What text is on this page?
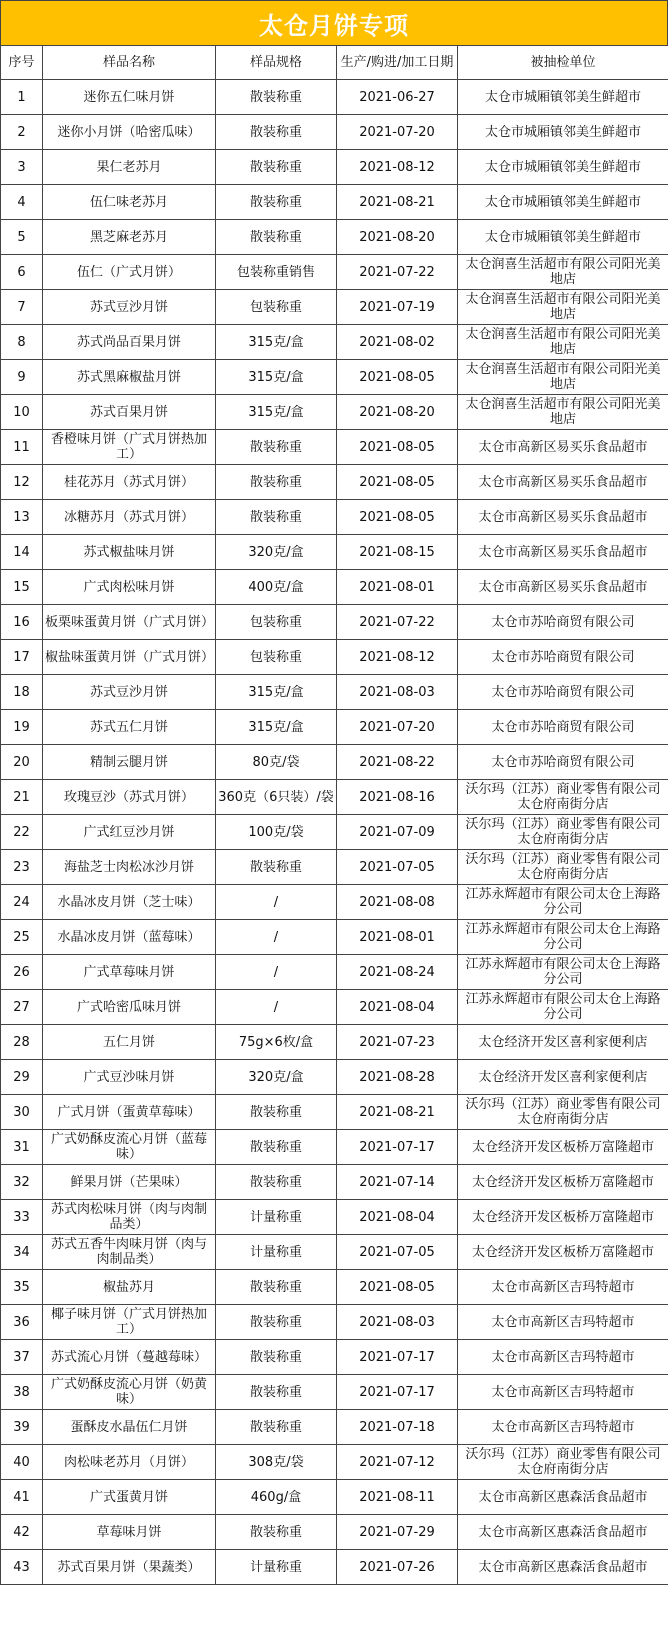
太仓月饼专项
序号	样品名称	样品规格	生产/购进/加工日期	被抽检单位
1	迷你五仁味月饼	散装称重	2021-06-27	太仓市城厢镇邻美生鲜超市
2	迷你小月饼（哈密瓜味）	散装称重	2021-07-20	太仓市城厢镇邻美生鲜超市
3	果仁老苏月	散装称重	2021-08-12	太仓市城厢镇邻美生鲜超市
4	伍仁味老苏月	散装称重	2021-08-21	太仓市城厢镇邻美生鲜超市
5	黑芝麻老苏月	散装称重	2021-08-20	太仓市城厢镇邻美生鲜超市
6	伍仁（广式月饼）	包装称重销售	2021-07-22	太仓润喜生活超市有限公司阳光美地店
7	苏式豆沙月饼	包装称重	2021-07-19	太仓润喜生活超市有限公司阳光美地店
8	苏式尚品百果月饼	315克/盒	2021-08-02	太仓润喜生活超市有限公司阳光美地店
9	苏式黑麻椒盐月饼	315克/盒	2021-08-05	太仓润喜生活超市有限公司阳光美地店
10	苏式百果月饼	315克/盒	2021-08-20	太仓润喜生活超市有限公司阳光美地店
11	香橙味月饼（广式月饼热加工）	散装称重	2021-08-05	太仓市高新区易买乐食品超市
12	桂花苏月（苏式月饼）	散装称重	2021-08-05	太仓市高新区易买乐食品超市
13	冰糖苏月（苏式月饼）	散装称重	2021-08-05	太仓市高新区易买乐食品超市
14	苏式椒盐味月饼	320克/盒	2021-08-15	太仓市高新区易买乐食品超市
15	广式肉松味月饼	400克/盒	2021-08-01	太仓市高新区易买乐食品超市
16	板栗味蛋黄月饼（广式月饼）	包装称重	2021-07-22	太仓市苏哈商贸有限公司
17	椒盐味蛋黄月饼（广式月饼）	包装称重	2021-08-12	太仓市苏哈商贸有限公司
18	苏式豆沙月饼	315克/盒	2021-08-03	太仓市苏哈商贸有限公司
19	苏式五仁月饼	315克/盒	2021-07-20	太仓市苏哈商贸有限公司
20	精制云腿月饼	80克/袋	2021-08-22	太仓市苏哈商贸有限公司
21	玫瑰豆沙（苏式月饼）	360克（6只装）/袋	2021-08-16	沃尔玛（江苏）商业零售有限公司太仓府南街分店
22	广式红豆沙月饼	100克/袋	2021-07-09	沃尔玛（江苏）商业零售有限公司太仓府南街分店
23	海盐芝士肉松冰沙月饼	散装称重	2021-07-05	沃尔玛（江苏）商业零售有限公司太仓府南街分店
24	水晶冰皮月饼（芝士味）	/	2021-08-08	江苏永辉超市有限公司太仓上海路分公司
25	水晶冰皮月饼（蓝莓味）	/	2021-08-01	江苏永辉超市有限公司太仓上海路分公司
26	广式草莓味月饼	/	2021-08-24	江苏永辉超市有限公司太仓上海路分公司
27	广式哈密瓜味月饼	/	2021-08-04	江苏永辉超市有限公司太仓上海路分公司
28	五仁月饼	75g×6枚/盒	2021-07-23	太仓经济开发区喜利家便利店
29	广式豆沙味月饼	320克/盒	2021-08-28	太仓经济开发区喜利家便利店
30	广式月饼（蛋黄草莓味）	散装称重	2021-08-21	沃尔玛（江苏）商业零售有限公司太仓府南街分店
31	广式奶酥皮流心月饼（蓝莓味）	散装称重	2021-07-17	太仓经济开发区板桥万富隆超市
32	鲜果月饼（芒果味）	散装称重	2021-07-14	太仓经济开发区板桥万富隆超市
33	苏式肉松味月饼（肉与肉制品类）	计量称重	2021-08-04	太仓经济开发区板桥万富隆超市
34	苏式五香牛肉味月饼（肉与肉制品类）	计量称重	2021-07-05	太仓经济开发区板桥万富隆超市
35	椒盐苏月	散装称重	2021-08-05	太仓市高新区吉玛特超市
36	椰子味月饼（广式月饼热加工）	散装称重	2021-08-03	太仓市高新区吉玛特超市
37	苏式流心月饼（蔓越莓味）	散装称重	2021-07-17	太仓市高新区吉玛特超市
38	广式奶酥皮流心月饼（奶黄味）	散装称重	2021-07-17	太仓市高新区吉玛特超市
39	蛋酥皮水晶伍仁月饼	散装称重	2021-07-18	太仓市高新区吉玛特超市
40	肉松味老苏月（月饼）	308克/袋	2021-07-12	沃尔玛（江苏）商业零售有限公司太仓府南街分店
41	广式蛋黄月饼	460g/盒	2021-08-11	太仓市高新区惠森活食品超市
42	草莓味月饼	散装称重	2021-07-29	太仓市高新区惠森活食品超市
43	苏式百果月饼（果蔬类）	计量称重	2021-07-26	太仓市高新区惠森活食品超市
